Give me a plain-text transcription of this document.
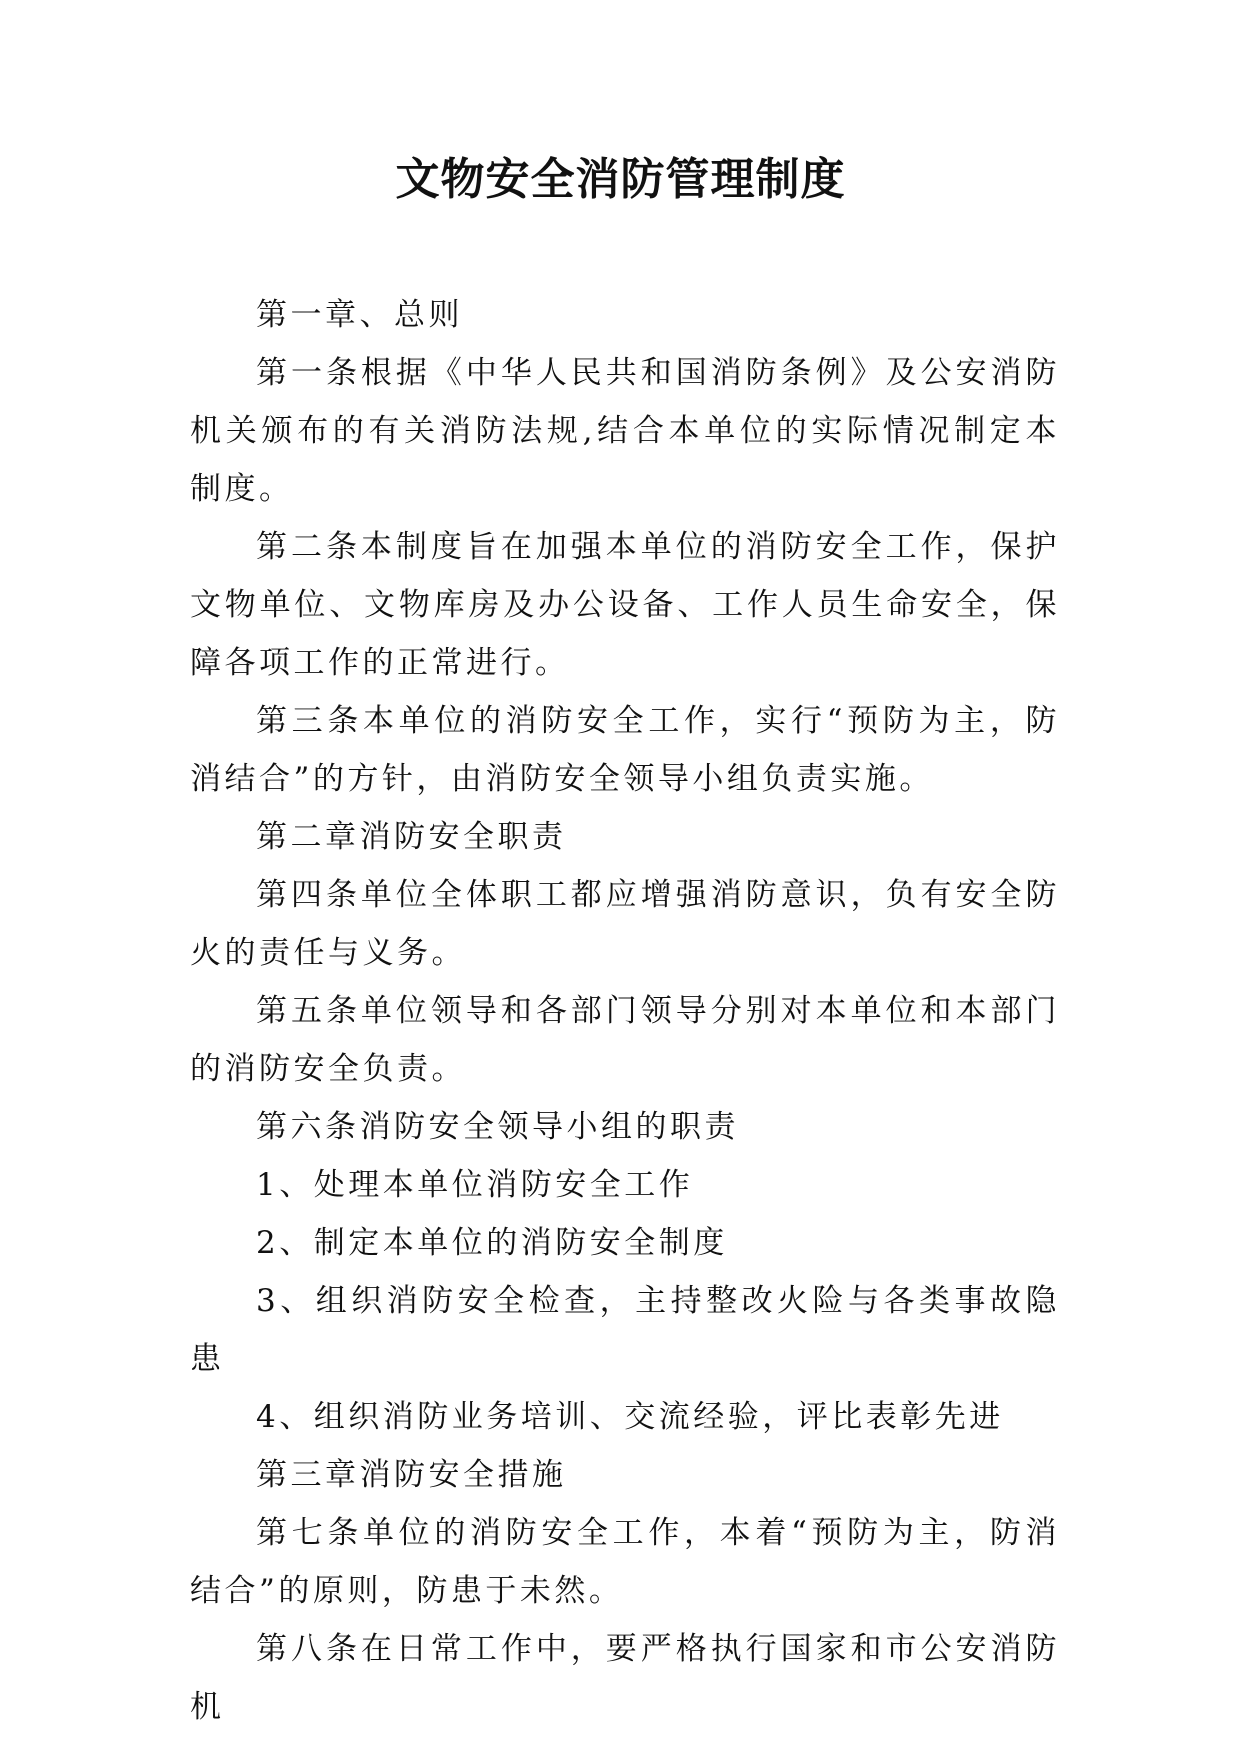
文物安全消防管理制度

第一章、总则

第一条根据《中华人民共和国消防条例》及公安消防机关颁布的有关消防法规,结合本单位的实际情况制定本制度。

第二条本制度旨在加强本单位的消防安全工作，保护文物单位、文物库房及办公设备、工作人员生命安全，保障各项工作的正常进行。

第三条本单位的消防安全工作，实行“预防为主，防消结合”的方针，由消防安全领导小组负责实施。

第二章消防安全职责

第四条单位全体职工都应增强消防意识，负有安全防火的责任与义务。

第五条单位领导和各部门领导分别对本单位和本部门的消防安全负责。

第六条消防安全领导小组的职责

1、处理本单位消防安全工作

2、制定本单位的消防安全制度

3、组织消防安全检查，主持整改火险与各类事故隐患

4、组织消防业务培训、交流经验，评比表彰先进

第三章消防安全措施

第七条单位的消防安全工作，本着“预防为主，防消结合”的原则，防患于未然。

第八条在日常工作中，要严格执行国家和市公安消防机
